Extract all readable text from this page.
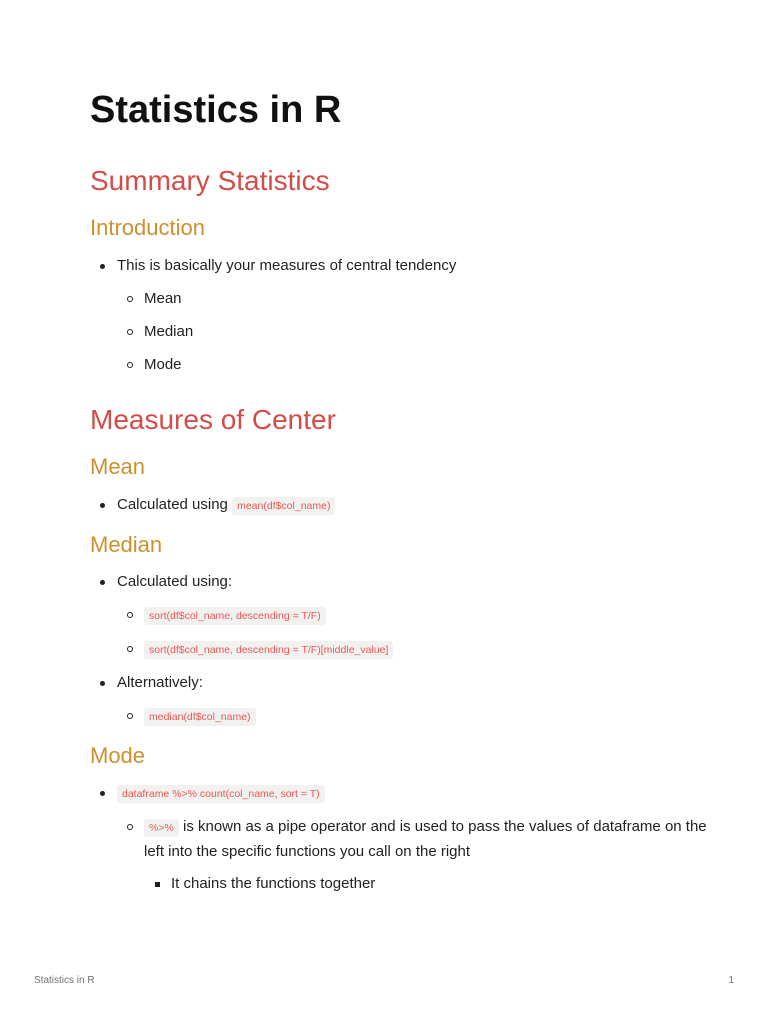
Statistics in R
Summary Statistics
Introduction
This is basically your measures of central tendency
Mean
Median
Mode
Measures of Center
Mean
Calculated using mean(df$col_name)
Median
Calculated using:
sort(df$col_name, descending = T/F)
sort(df$col_name, descending = T/F)[middle_value]
Alternatively:
median(df$col_name)
Mode
dataframe %>% count(col_name, sort = T)
%>% is known as a pipe operator and is used to pass the values of dataframe on the left into the specific functions you call on the right
It chains the functions together
Statistics in R	1
